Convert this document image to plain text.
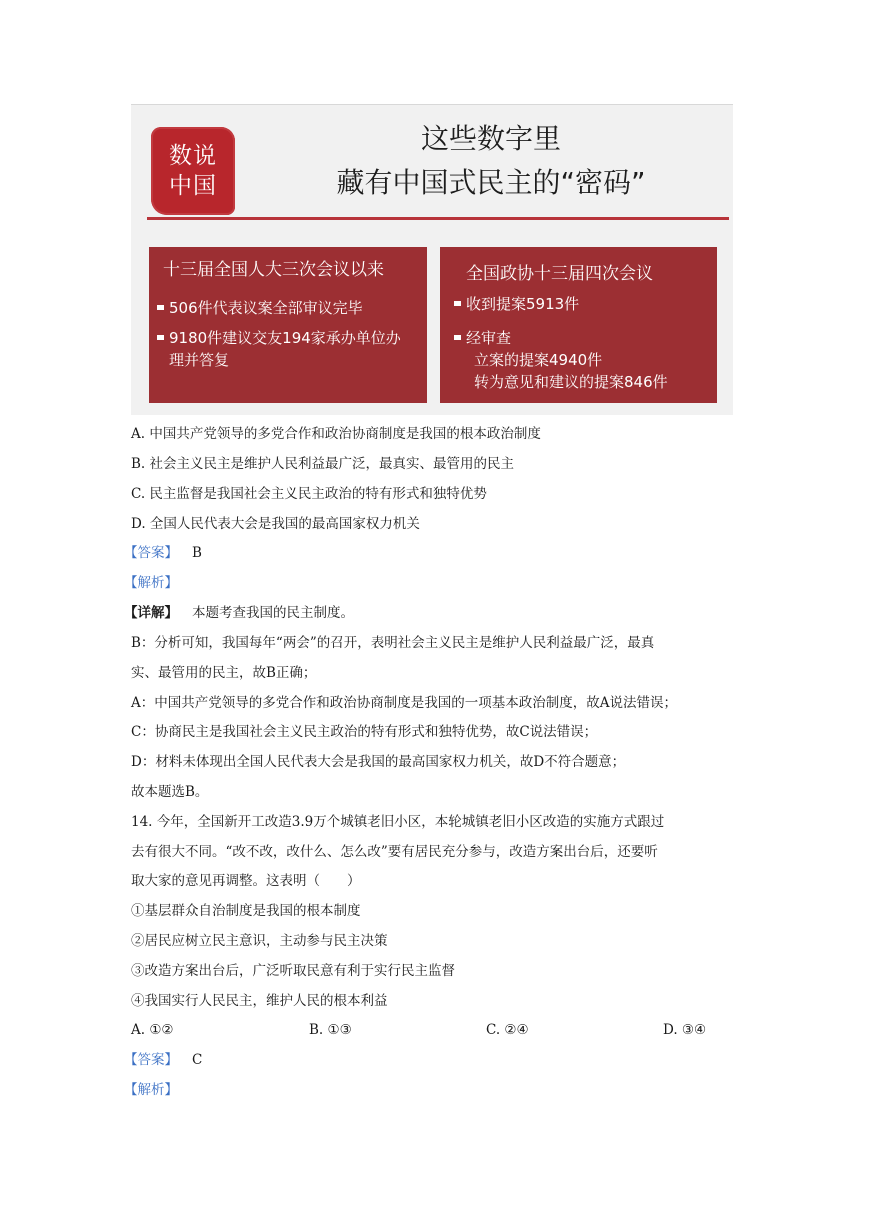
数说
中国
这些数字里
藏有中国式民主的“密码”
十三届全国人大三次会议以来
506件代表议案全部审议完毕
9180件建议交友194家承办单位办
理并答复
全国政协十三届四次会议
收到提案5913件
经审查
立案的提案4940件
转为意见和建议的提案846件
A. 中国共产党领导的多党合作和政治协商制度是我国的根本政治制度
B. 社会主义民主是维护人民利益最广泛，最真实、最管用的民主
C. 民主监督是我国社会主义民主政治的特有形式和独特优势
D. 全国人民代表大会是我国的最高国家权力机关
【答案】 B
【解析】
【详解】 本题考查我国的民主制度。
B：分析可知，我国每年“两会”的召开，表明社会主义民主是维护人民利益最广泛，最真
实、最管用的民主，故B正确；
A：中国共产党领导的多党合作和政治协商制度是我国的一项基本政治制度，故A说法错误；
C：协商民主是我国社会主义民主政治的特有形式和独特优势，故C说法错误；
D：材料未体现出全国人民代表大会是我国的最高国家权力机关，故D不符合题意；
故本题选B。
14. 今年，全国新开工改造3.9万个城镇老旧小区，本轮城镇老旧小区改造的实施方式跟过
去有很大不同。“改不改，改什么、怎么改”要有居民充分参与，改造方案出台后，还要听
取大家的意见再调整。这表明（　　）
①基层群众自治制度是我国的根本制度
②居民应树立民主意识，主动参与民主决策
③改造方案出台后，广泛听取民意有利于实行民主监督
④我国实行人民民主，维护人民的根本利益
A. ①②	B. ①③	C. ②④	D. ③④
【答案】 C
【解析】
